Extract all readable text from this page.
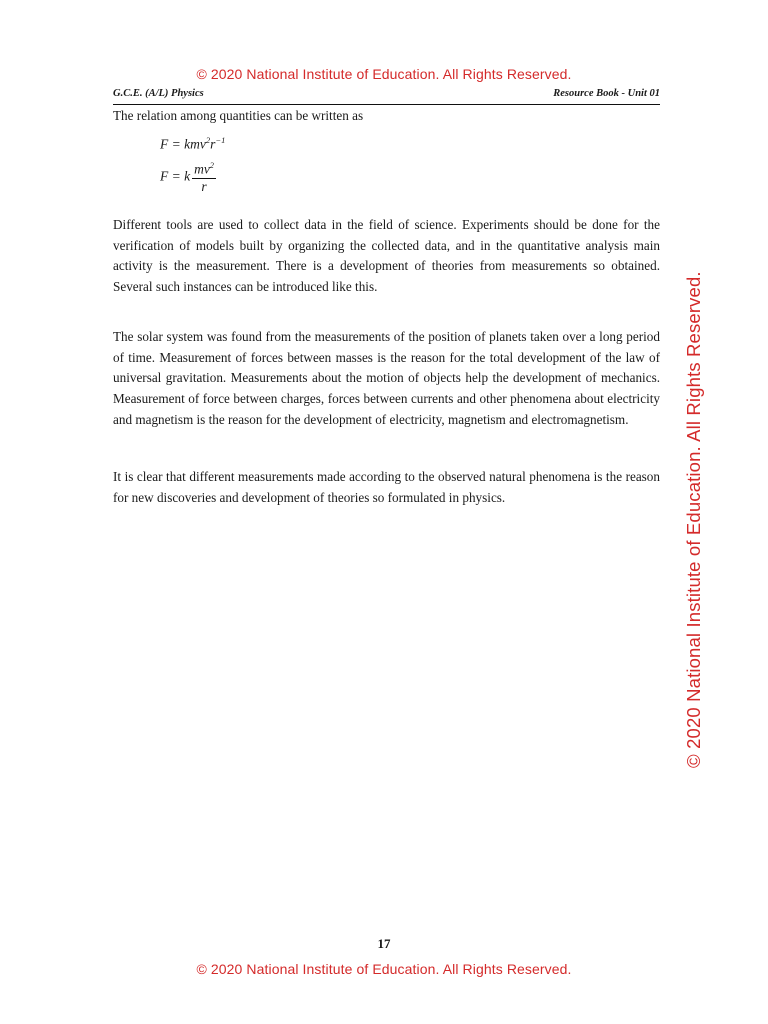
© 2020 National Institute of Education. All Rights Reserved.
G.C.E. (A/L) Physics	Resource Book - Unit 01
© 2020 National Institute of Education. All Rights Reserved.
The relation among quantities can be written as
$F = kmv^2r^{-1}$
F = k $\frac{mv^2}{r}$

Different tools are used to collect data in the field of science. Experiments should be done for the verification of models built by organizing the collected data, and in the quantitative analysis main activity is the measurement. There is a development of theories from measurements so obtained. Several such instances can be introduced like this.

The solar system was found from the measurements of the position of planets taken over a long period of time. Measurement of forces between masses is the reason for the total development of the law of universal gravitation. Measurements about the motion of objects help the development of mechanics. Measurement of force between charges, forces between currents and other phenomena about electricity and magnetism is the reason for the development of electricity, magnetism and electromagnetism.

It is clear that different measurements made according to the observed natural phenomena is the reason for new discoveries and development of theories so formulated in physics.

17
© 2020 National Institute of Education. All Rights Reserved.
